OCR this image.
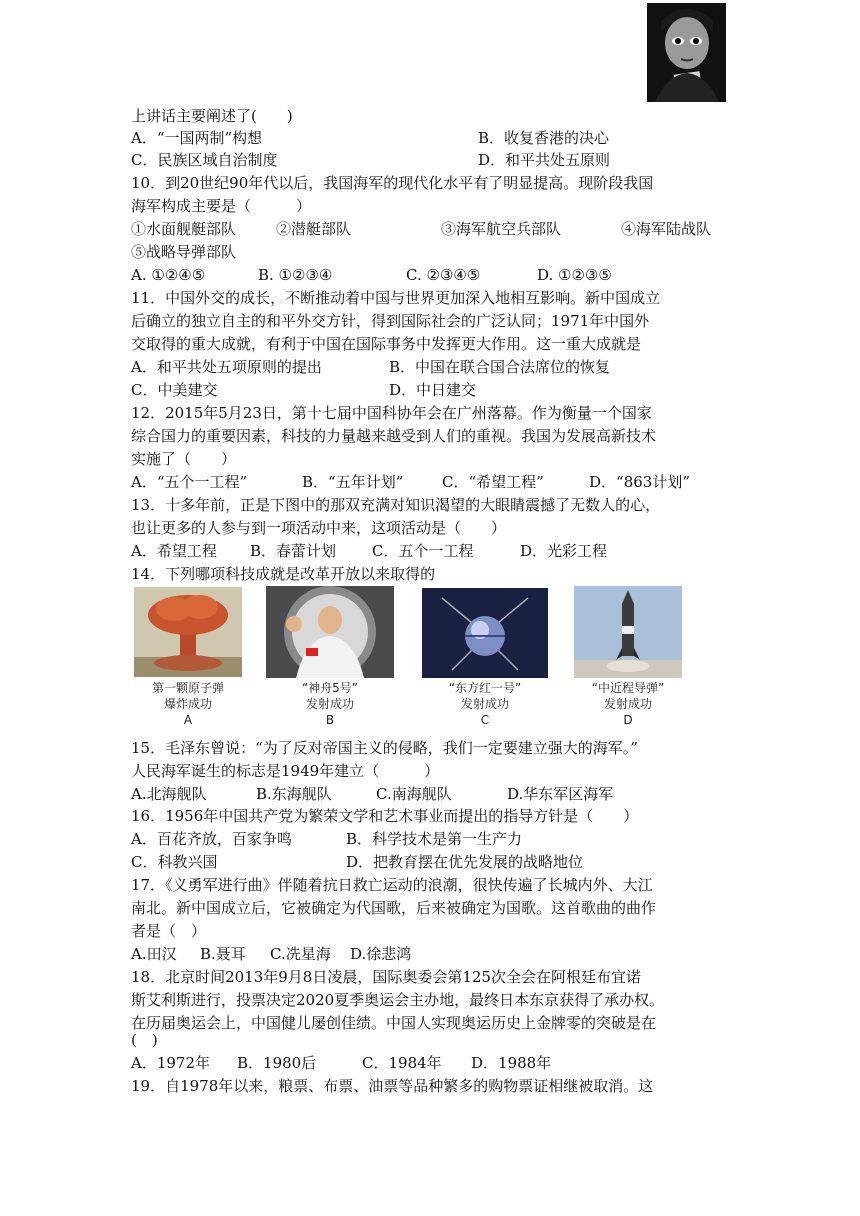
上讲话主要阐述了(　　)
A．“一国两制”构想	B．收复香港的决心
C．民族区域自治制度	D．和平共处五原则
10．到20世纪90年代以后，我国海军的现代化水平有了明显提高。现阶段我国
海军构成主要是（　　　）
①水面舰艇部队	②潜艇部队	③海军航空兵部队	④海军陆战队
⑤战略导弹部队
A. ①②④⑤	B. ①②③④	C. ②③④⑤	D. ①②③⑤
11．中国外交的成长，不断推动着中国与世界更加深入地相互影响。新中国成立
后确立的独立自主的和平外交方针，得到国际社会的广泛认同；1971年中国外
交取得的重大成就，有利于中国在国际事务中发挥更大作用。这一重大成就是
A．和平共处五项原则的提出	B．中国在联合国合法席位的恢复
C．中美建交	D．中日建交
12．2015年5月23日，第十七届中国科协年会在广州落幕。作为衡量一个国家
综合国力的重要因素，科技的力量越来越受到人们的重视。我国为发展高新技术
实施了（　　）
A．“五个一工程”	B．“五年计划”	C．“希望工程”	D．“863计划”
13．十多年前，正是下图中的那双充满对知识渴望的大眼睛震撼了无数人的心，
也让更多的人参与到一项活动中来，这项活动是（　　）
A．希望工程 B．春蕾计划 C．五个一工程	D．光彩工程
14．下列哪项科技成就是改革开放以来取得的
第一颗原子弹
爆炸成功
A
“神舟5号”
发射成功
B
“东方红一号”
发射成功
C
“中近程导弹”
发射成功
D
15．毛泽东曾说：“为了反对帝国主义的侵略，我们一定要建立强大的海军。”
人民海军诞生的标志是1949年建立（　　　）
A.北海舰队	B.东海舰队	C.南海舰队	D.华东军区海军
16．1956年中国共产党为繁荣文学和艺术事业而提出的指导方针是（　　）
A．百花齐放，百家争鸣	B．科学技术是第一生产力
C．科教兴国	D．把教育摆在优先发展的战略地位
17．《义勇军进行曲》伴随着抗日救亡运动的浪潮，很快传遍了长城内外、大江
南北。新中国成立后，它被确定为代国歌，后来被确定为国歌。这首歌曲的曲作
者是（　）
A.田汉 B.聂耳 C.冼星海 D.徐悲鸿
18．北京时间2013年9月8日凌晨，国际奥委会第125次全会在阿根廷布宜诺
斯艾利斯进行，投票决定2020夏季奥运会主办地，最终日本东京获得了承办权。
在历届奥运会上，中国健儿屡创佳绩。中国人实现奥运历史上金牌零的突破是在
(　)
A．1972年 B．1980后	C．1984年 D．1988年
19．自1978年以来，粮票、布票、油票等品种繁多的购物票证相继被取消。这
